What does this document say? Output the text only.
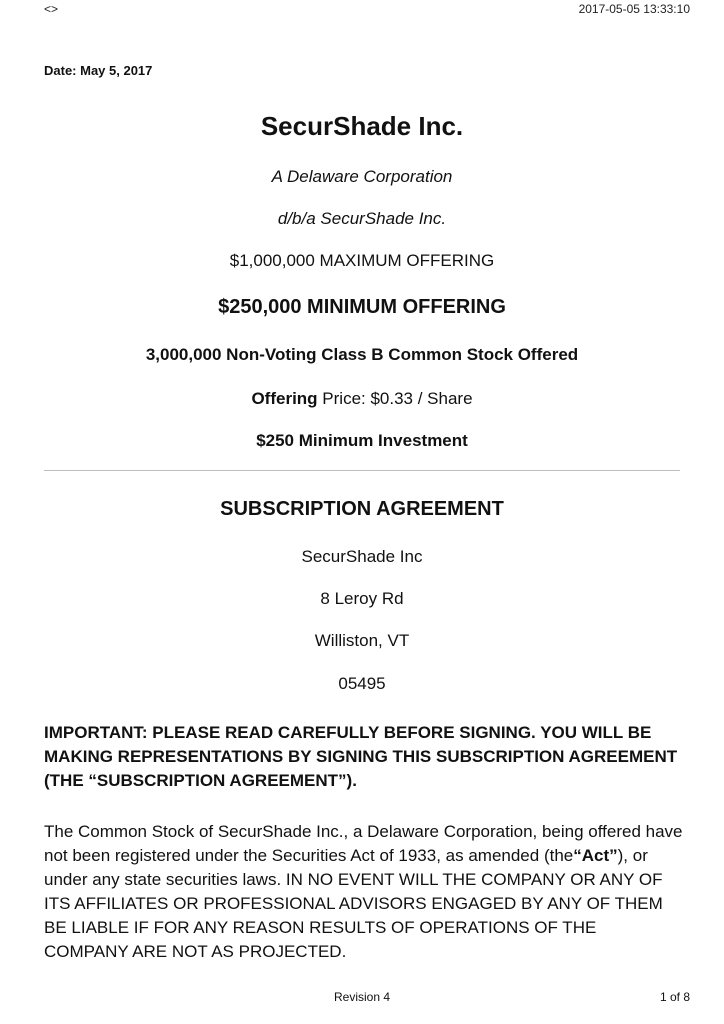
<>	2017-05-05 13:33:10
Date: May 5, 2017
SecurShade Inc.
A Delaware Corporation
d/b/a SecurShade Inc.
$1,000,000 MAXIMUM OFFERING
$250,000 MINIMUM OFFERING
3,000,000 Non-Voting Class B Common Stock Offered
Offering Price: $0.33 / Share
$250 Minimum Investment
SUBSCRIPTION AGREEMENT
SecurShade Inc
8 Leroy Rd
Williston, VT
05495
IMPORTANT: PLEASE READ CAREFULLY BEFORE SIGNING. YOU WILL BE MAKING REPRESENTATIONS BY SIGNING THIS SUBSCRIPTION AGREEMENT (THE “SUBSCRIPTION AGREEMENT”).
The Common Stock of SecurShade Inc., a Delaware Corporation, being offered have not been registered under the Securities Act of 1933, as amended (the“Act”), or under any state securities laws. IN NO EVENT WILL THE COMPANY OR ANY OF ITS AFFILIATES OR PROFESSIONAL ADVISORS ENGAGED BY ANY OF THEM BE LIABLE IF FOR ANY REASON RESULTS OF OPERATIONS OF THE COMPANY ARE NOT AS PROJECTED.
Revision 4	1 of 8
